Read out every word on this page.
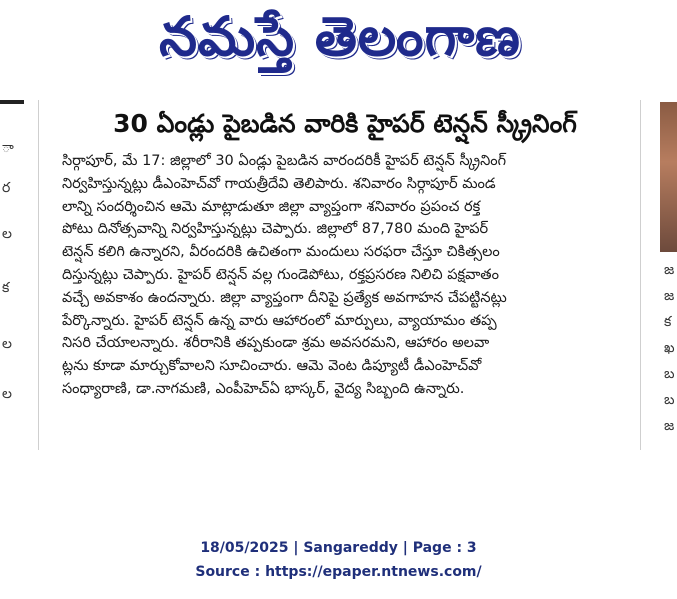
నమస్తే తెలంగాణ
ా
ర
ల
క
ల
ల
జ
జ
క
ఖ
బ
బ
జ
30 ఏండ్లు పైబడిన వారికి హైపర్ టెన్షన్ స్క్రీనింగ్
సిర్గాపూర్, మే 17: జిల్లాలో 30 ఏండ్లు పైబడిన వారందరికీ హైపర్ టెన్షన్ స్క్రీనింగ్
నిర్వహిస్తున్నట్లు డీఎంహెచ్‌వో గాయత్రీదేవి తెలిపారు. శనివారం సిర్గాపూర్ మండ
లాన్ని సందర్శించిన ఆమె మాట్లాడుతూ జిల్లా వ్యాప్తంగా శనివారం ప్రపంచ రక్త
పోటు దినోత్సవాన్ని నిర్వహిస్తున్నట్లు చెప్పారు. జిల్లాలో 87,780 మంది హైపర్
టెన్షన్ కలిగి ఉన్నారని, వీరందరికి ఉచితంగా మందులు సరఫరా చేస్తూ చికిత్సలం
దిస్తున్నట్లు చెప్పారు. హైపర్ టెన్షన్ వల్ల గుండెపోటు, రక్తప్రసరణ నిలిచి పక్షవాతం
వచ్చే అవకాశం ఉందన్నారు. జిల్లా వ్యాప్తంగా దీనిపై ప్రత్యేక అవగాహన చేపట్టినట్లు
పేర్కొన్నారు. హైపర్ టెన్షన్ ఉన్న వారు ఆహారంలో మార్పులు, వ్యాయామం తప్ప
నిసరి చేయాలన్నారు. శరీరానికి తప్పకుండా శ్రమ అవసరమని, ఆహారం అలవా
ట్లను కూడా మార్చుకోవాలని సూచించారు. ఆమె వెంట డిప్యూటీ డీఎంహెచ్‌వో
సంధ్యారాణి, డా.నాగమణి, ఎంపీహెచ్‌ఏ భాస్కర్, వైద్య సిబ్బంది ఉన్నారు.
18/05/2025 | Sangareddy | Page : 3
Source : https://epaper.ntnews.com/
